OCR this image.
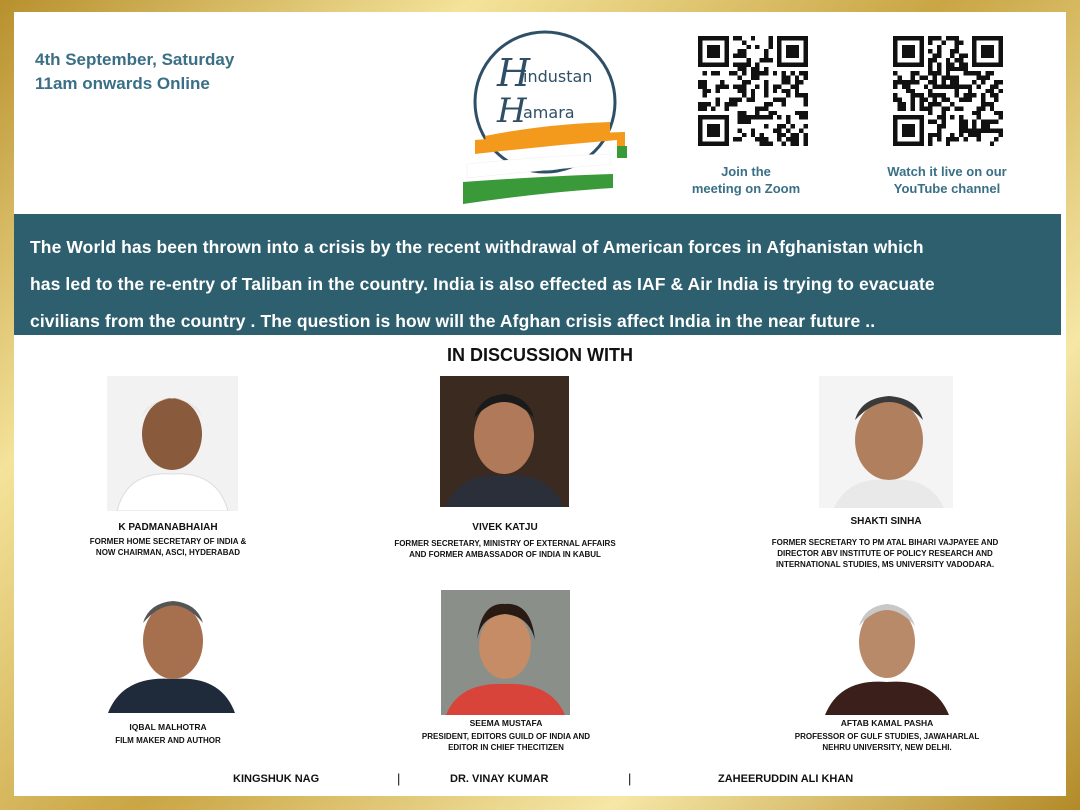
4th September, Saturday
11am onwards Online	H
industan
H
amara
Join the
meeting on Zoom
Watch it live on our
YouTube channel
The World has been thrown into a crisis by the recent withdrawal of American forces in Afghanistan which
has led to the re-entry of Taliban in the country. India is also effected as IAF & Air India is trying to evacuate
civilians from the country . The question is how will the Afghan crisis affect India in the near future ..
IN DISCUSSION WITH
K PADMANABHAIAH
FORMER HOME SECRETARY OF INDIA &
NOW CHAIRMAN, ASCI, HYDERABAD
VIVEK KATJU
FORMER SECRETARY, MINISTRY OF EXTERNAL AFFAIRS
AND FORMER AMBASSADOR OF INDIA IN KABUL
SHAKTI SINHA
FORMER SECRETARY TO PM ATAL BIHARI VAJPAYEE AND
DIRECTOR ABV INSTITUTE OF POLICY RESEARCH AND
INTERNATIONAL STUDIES, MS UNIVERSITY VADODARA.
IQBAL MALHOTRA
FILM MAKER AND AUTHOR
SEEMA MUSTAFA
PRESIDENT, EDITORS GUILD OF INDIA AND
EDITOR IN CHIEF THECITIZEN
AFTAB KAMAL PASHA
PROFESSOR OF GULF STUDIES, JAWAHARLAL
NEHRU UNIVERSITY, NEW DELHI.
KINGSHUK NAG	|	DR. VINAY KUMAR	|	ZAHEERUDDIN ALI KHAN
